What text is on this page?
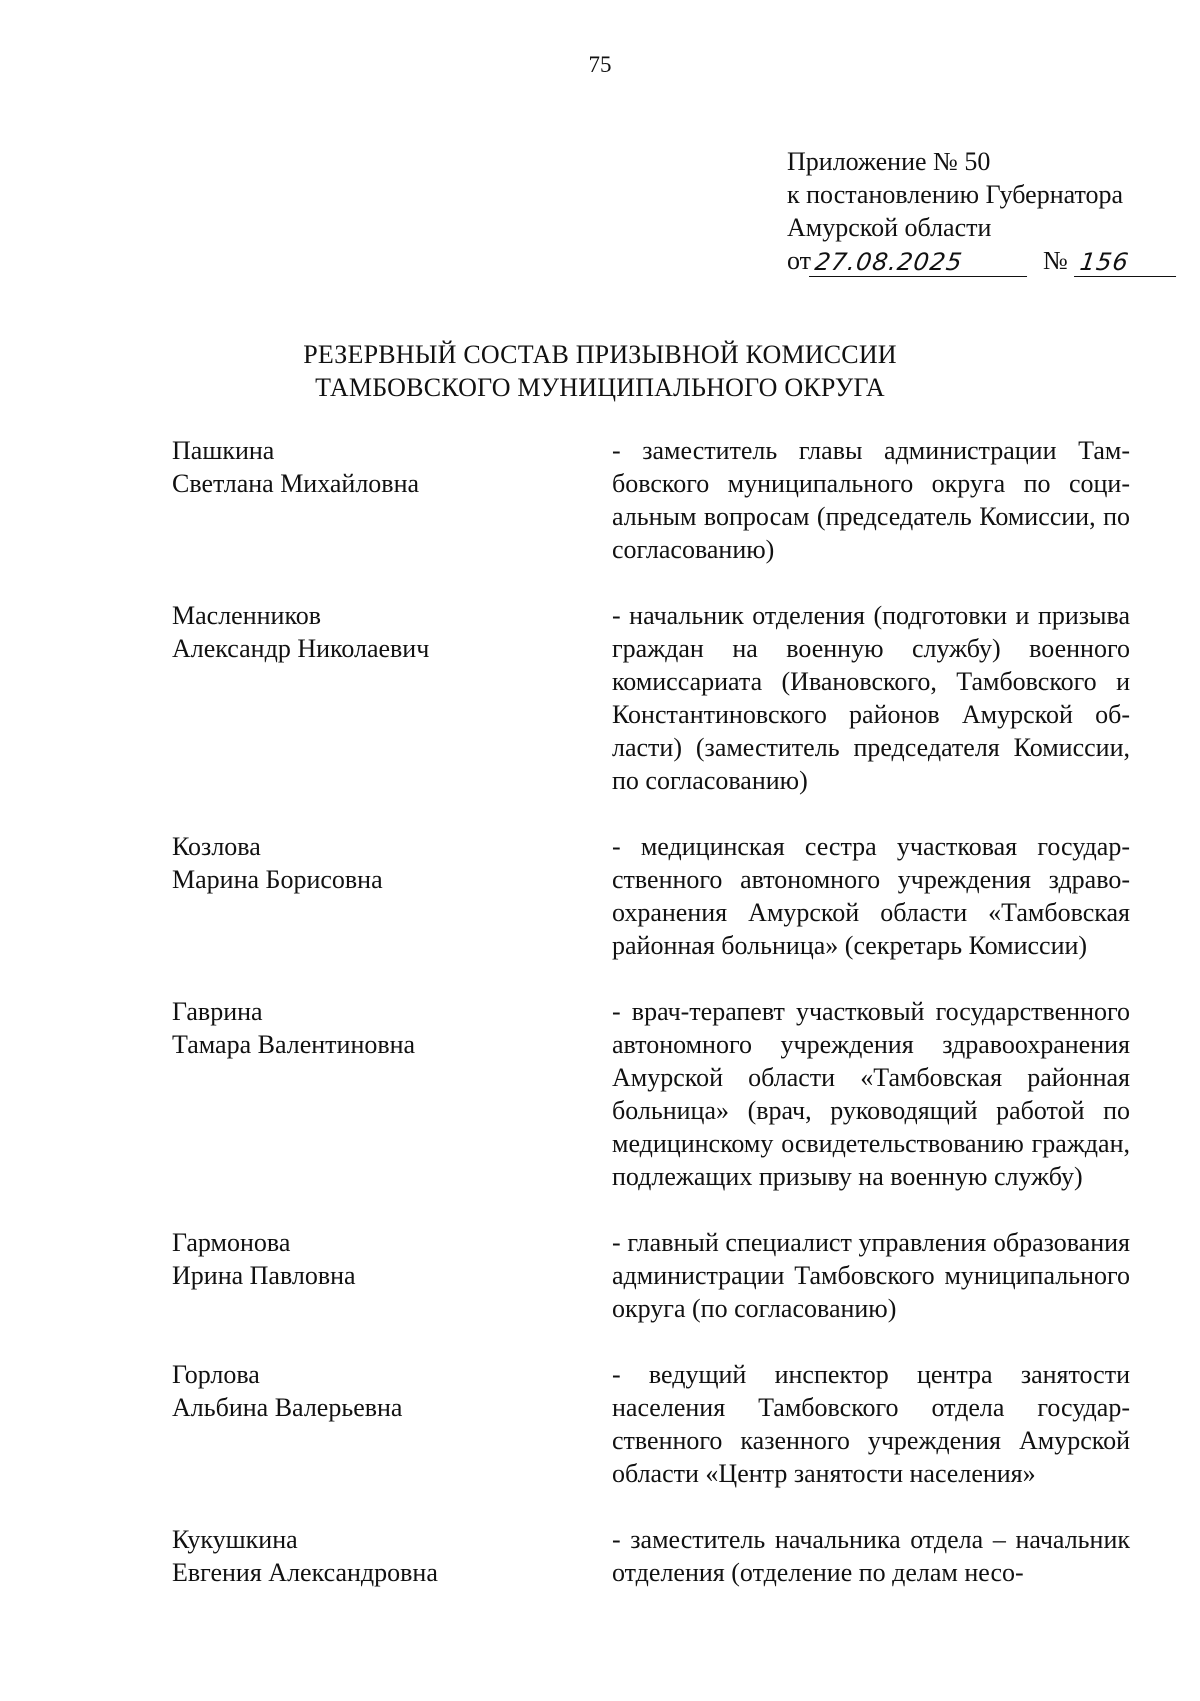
75
Приложение № 50
к постановлению Губернатора
Амурской области
от 27.08.2025	№ 156
РЕЗЕРВНЫЙ СОСТАВ ПРИЗЫВНОЙ КОМИССИИ
ТАМБОВСКОГО МУНИЦИПАЛЬНОГО ОКРУГА
Пашкина
Светлана Михайловна
- заместитель главы администрации Тамбовского муниципального округа по социальным вопросам (председатель Комиссии, по согласованию)
Масленников
Александр Николаевич
- начальник отделения (подготовки и призыва граждан на военную службу) военного комиссариата (Ивановского, Тамбовского и Константиновского районов Амурской области) (заместитель председателя Комиссии, по согласованию)
Козлова
Марина Борисовна
- медицинская сестра участковая государственного автономного учреждения здравоохранения Амурской области «Тамбовская районная больница» (секретарь Комиссии)
Гаврина
Тамара Валентиновна
- врач-терапевт участковый государственного автономного учреждения здравоохранения Амурской области «Тамбовская районная больница» (врач, руководящий работой по медицинскому освидетельствованию граждан, подлежащих призыву на военную службу)
Гармонова
Ирина Павловна
- главный специалист управления образования администрации Тамбовского муниципального округа (по согласованию)
Горлова
Альбина Валерьевна
- ведущий инспектор центра занятости населения Тамбовского отдела государственного казенного учреждения Амурской области «Центр занятости населения»
Кукушкина
Евгения Александровна
- заместитель начальника отдела – начальник отделения (отделение по делам несо-
